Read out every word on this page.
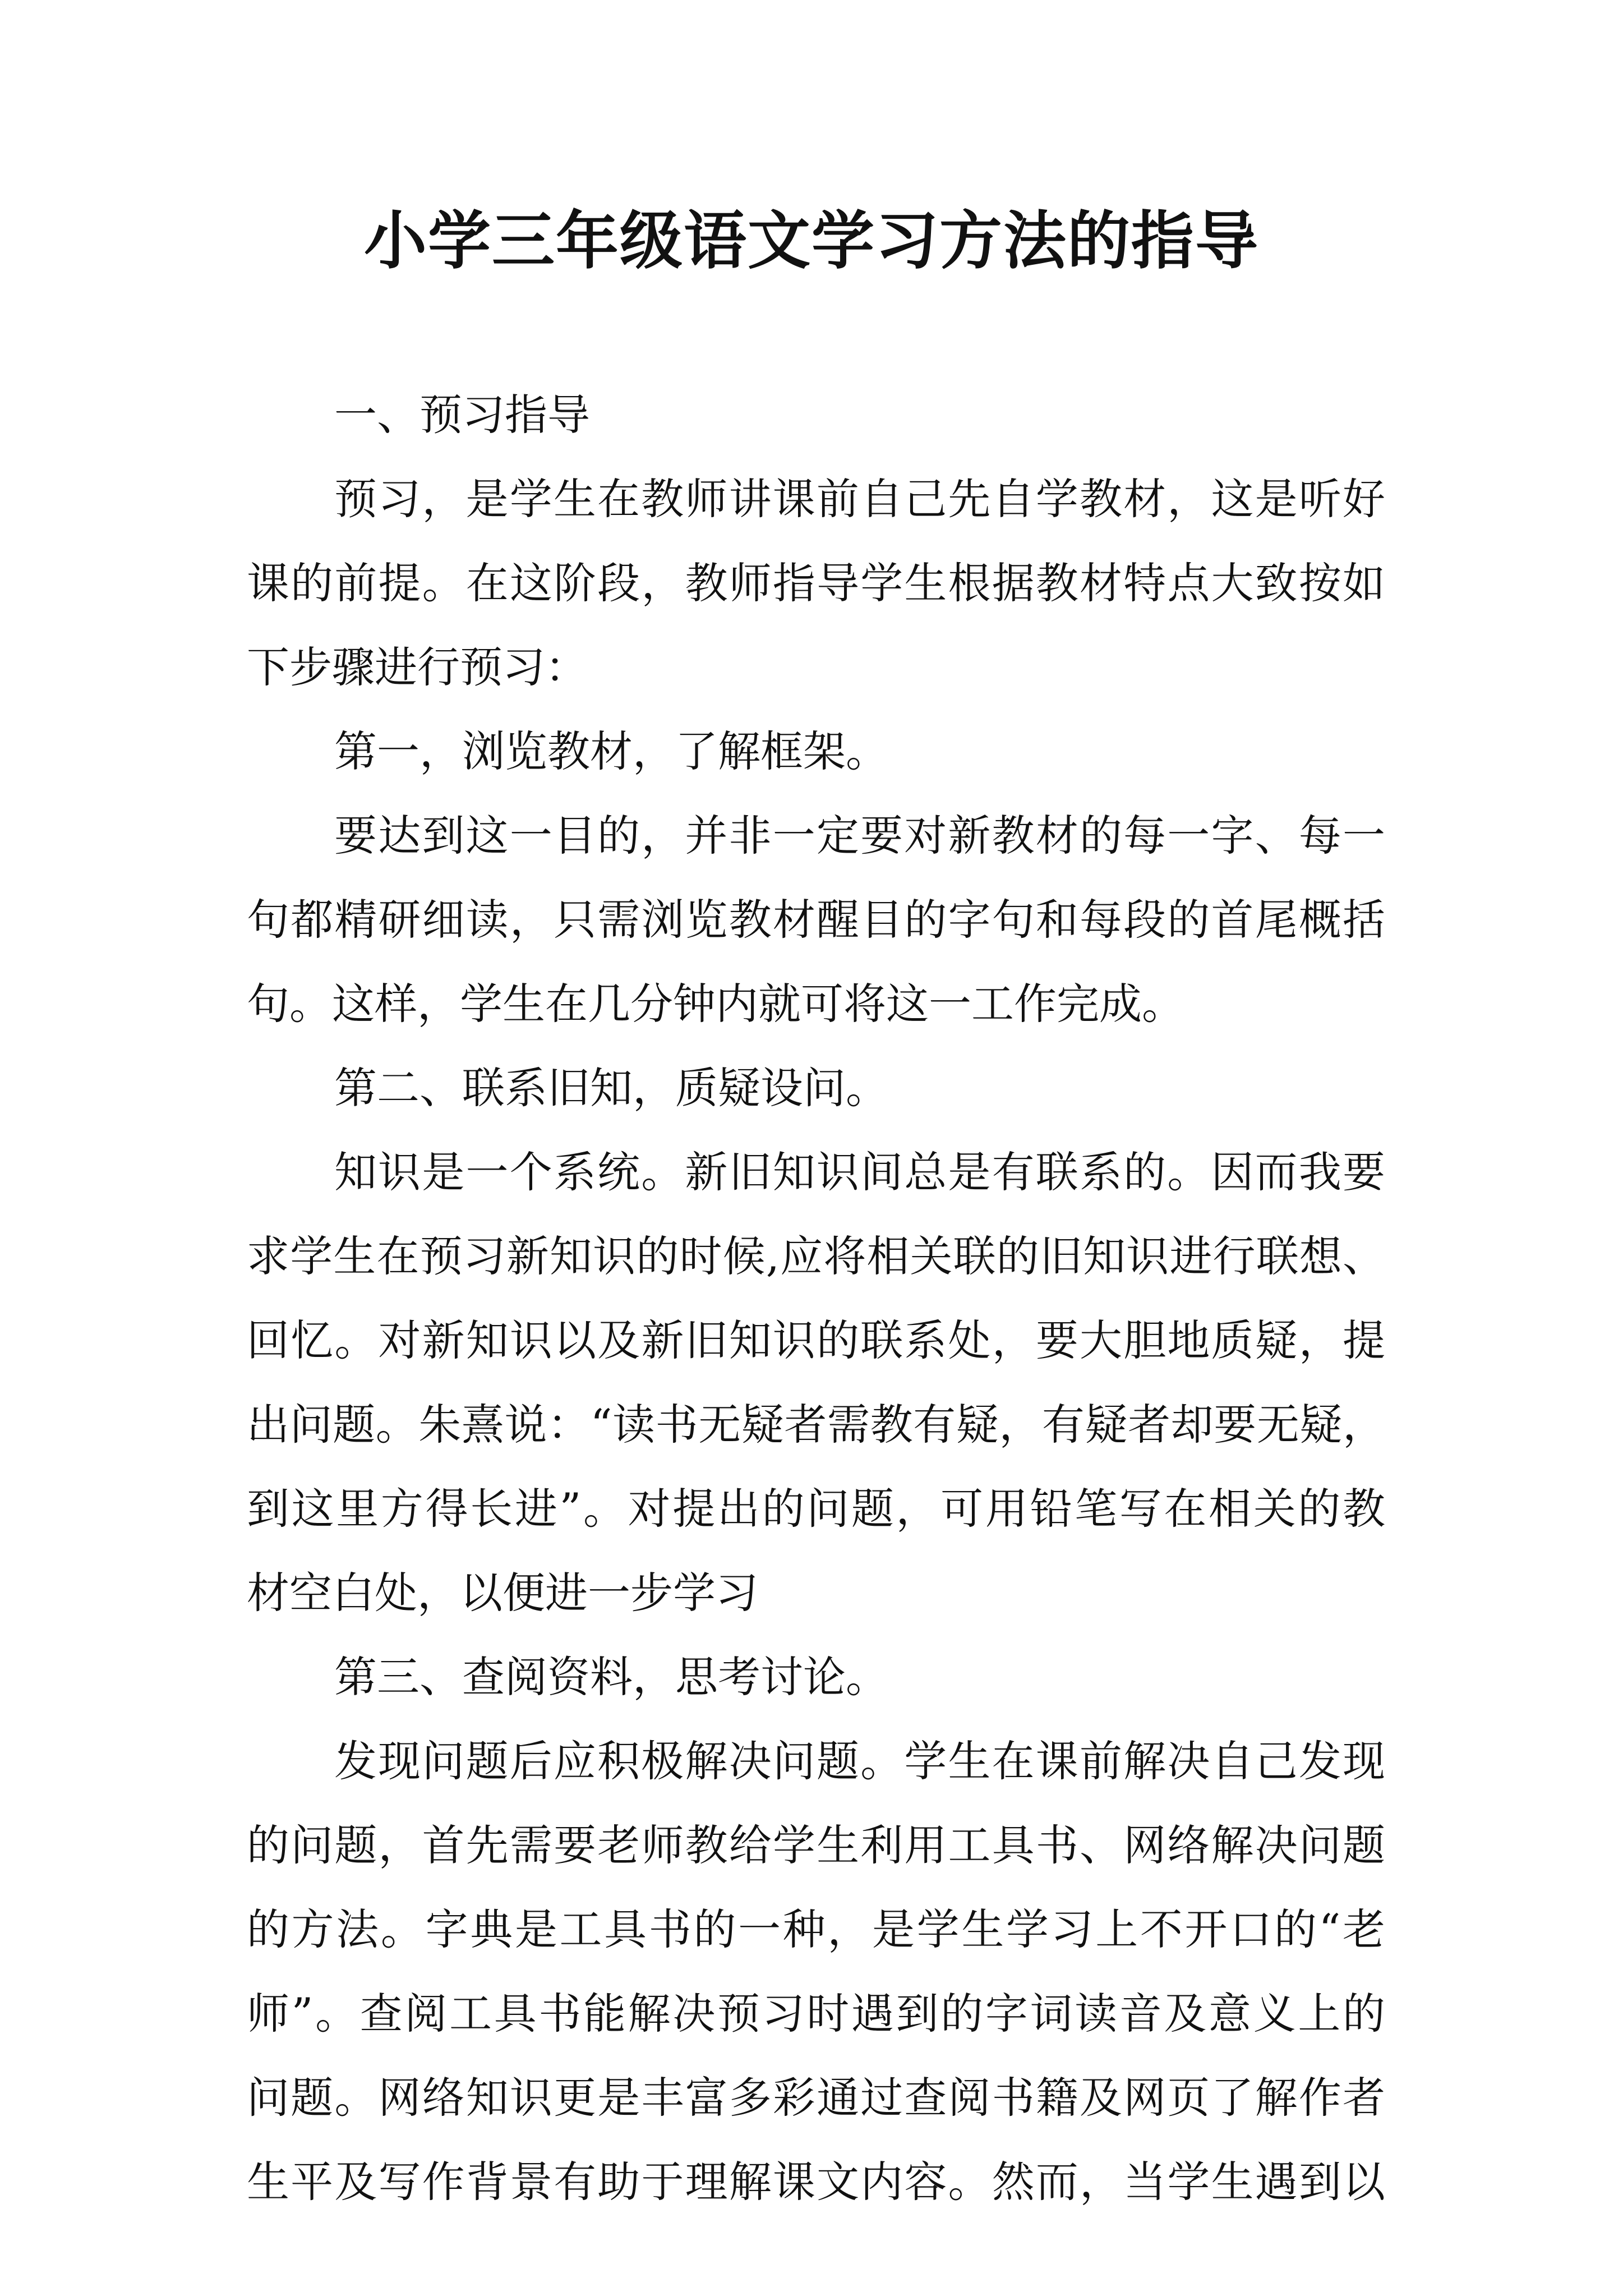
小学三年级语文学习方法的指导
一、预习指导
预习，是学生在教师讲课前自己先自学教材，这是听好
课的前提。在这阶段，教师指导学生根据教材特点大致按如
下步骤进行预习：
第一，浏览教材，了解框架。
要达到这一目的，并非一定要对新教材的每一字、每一
句都精研细读，只需浏览教材醒目的字句和每段的首尾概括
句。这样，学生在几分钟内就可将这一工作完成。
第二、联系旧知，质疑设问。
知识是一个系统。新旧知识间总是有联系的。因而我要
求学生在预习新知识的时候,应将相关联的旧知识进行联想、
回忆。对新知识以及新旧知识的联系处，要大胆地质疑，提
出问题。朱熹说：“读书无疑者需教有疑，有疑者却要无疑，
到这里方得长进”。对提出的问题，可用铅笔写在相关的教
材空白处，以便进一步学习
第三、查阅资料，思考讨论。
发现问题后应积极解决问题。学生在课前解决自己发现
的问题，首先需要老师教给学生利用工具书、网络解决问题
的方法。字典是工具书的一种，是学生学习上不开口的“老
师”。查阅工具书能解决预习时遇到的字词读音及意义上的
问题。网络知识更是丰富多彩通过查阅书籍及网页了解作者
生平及写作背景有助于理解课文内容。然而，当学生遇到以
